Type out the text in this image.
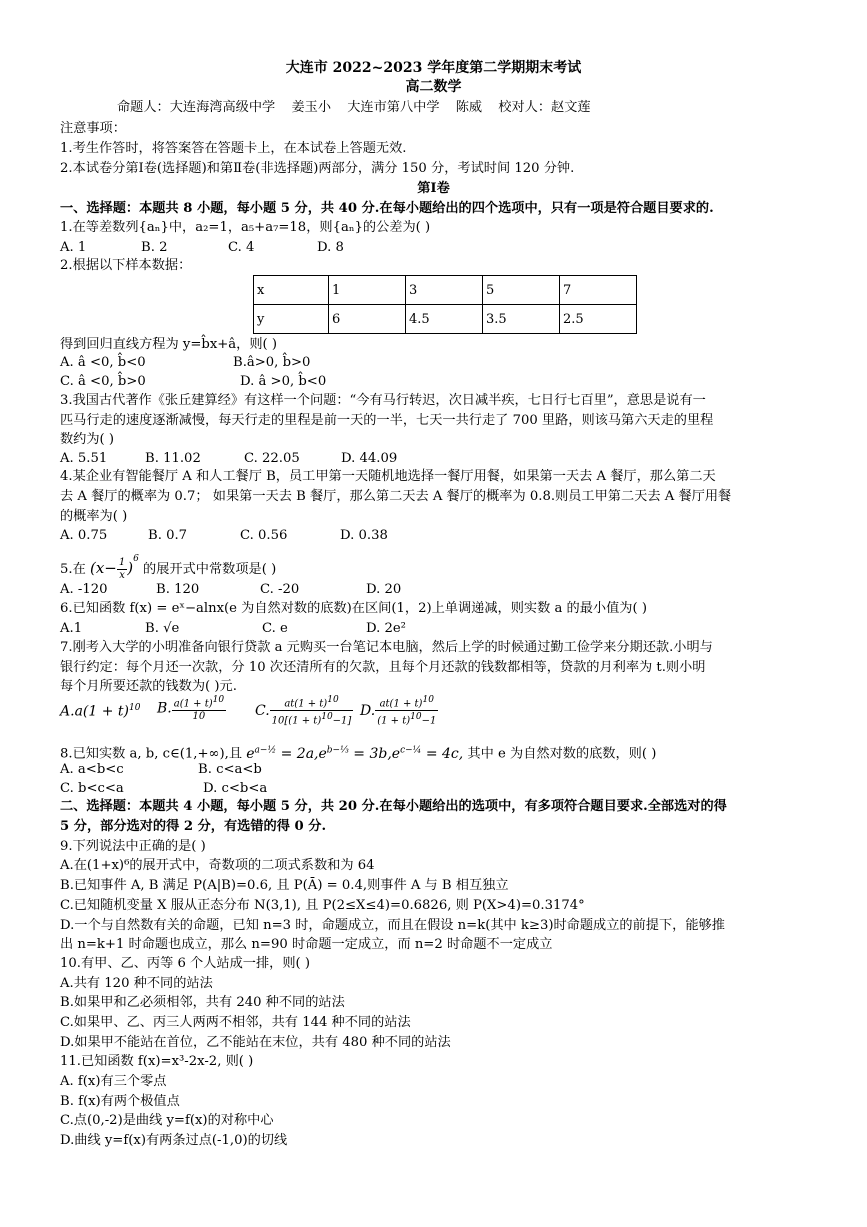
大连市 2022~2023 学年度第二学期期末考试
高二数学
命题人：大连海湾高级中学 姜玉小 大连市第八中学 陈威 校对人：赵文莲
注意事项：
1.考生作答时，将答案答在答题卡上，在本试卷上答题无效.
2.本试卷分第Ⅰ卷(选择题)和第Ⅱ卷(非选择题)两部分，满分 150 分，考试时间 120 分钟.
第Ⅰ卷
一、选择题：本题共 8 小题，每小题 5 分，共 40 分.在每小题给出的四个选项中，只有一项是符合题目要求的.
1.在等差数列{aₙ}中，a₂=1，a₅+a₇=18，则{aₙ}的公差为( )
A. 1	B. 2	C. 4	D. 8
2.根据以下样本数据：
x	1	3	5	7
y	6	4.5	3.5	2.5
得到回归直线方程为 y=b̂x+â，则( )
A. â <0, b̂<0	B.â>0, b̂>0
C. â <0, b̂>0	D. â >0, b̂<0
3.我国古代著作《张丘建算经》有这样一个问题：“今有马行转迟，次日减半疾，七日行七百里”，意思是说有一
匹马行走的速度逐渐减慢，每天行走的里程是前一天的一半，七天一共行走了 700 里路，则该马第六天走的里程
数约为( )
A. 5.51	B. 11.02	C. 22.05	D. 44.09
4.某企业有智能餐厅 A 和人工餐厅 B，员工甲第一天随机地选择一餐厅用餐，如果第一天去 A 餐厅，那么第二天
去 A 餐厅的概率为 0.7； 如果第一天去 B 餐厅，那么第二天去 A 餐厅的概率为 0.8.则员工甲第二天去 A 餐厅用餐
的概率为( )
A. 0.75	B. 0.7	C. 0.56	D. 0.38
5.在 $(x- \frac{1}{x} )^6$ 的展开式中常数项是( )
A. -120	B. 120	C. -20	D. 20
6.已知函数 f(x) = eˣ−alnx(e 为自然对数的底数)在区间(1，2)上单调递减，则实数 a 的最小值为( )
A.1	B. √e	C. e	D. 2e²
7.刚考入大学的小明准备向银行贷款 a 元购买一台笔记本电脑，然后上学的时候通过勤工俭学来分期还款.小明与
银行约定：每个月还一次款，分 10 次还清所有的欠款，且每个月还款的钱数都相等，贷款的月利率为 t.则小明
每个月所要还款的钱数为( )元.
$A.a(1 + t)^{10}$ B. $\frac{a(1 + t)^{10}}{10} C$. $\frac{at(1 + t)^{10}}{10[(1 + t)^{10}-1]} D$. $\frac{at(1 + t)^{10}}{(1 + t)^{10}-1}$
8.已知实数 a, b, c∈(1,+∞),且 $e^{a-\frac{1}{2}} = 2a,e^{b-\frac{1}{3}} = 3b,e^{c-\frac{1}{4}} = 4c$, 其中 e 为自然对数的底数，则( )
A. a<b<c	B. c<a<b
C. b<c<a	D. c<b<a
二、选择题：本题共 4 小题，每小题 5 分，共 20 分.在每小题给出的选项中，有多项符合题目要求.全部选对的得
5 分，部分选对的得 2 分，有选错的得 0 分.
9.下列说法中正确的是( )
A.在(1+x)⁶的展开式中，奇数项的二项式系数和为 64
B.已知事件 A, B 满足 P(A|B)=0.6, 且 P(Ā) = 0.4,则事件 A 与 B 相互独立
C.已知随机变量 X 服从正态分布 N(3,1), 且 P(2≤X≤4)=0.6826, 则 P(X>4)=0.3174°
D.一个与自然数有关的命题，已知 n=3 时，命题成立，而且在假设 n=k(其中 k≥3)时命题成立的前提下，能够推
出 n=k+1 时命题也成立，那么 n=90 时命题一定成立，而 n=2 时命题不一定成立
10.有甲、乙、丙等 6 个人站成一排，则( )
A.共有 120 种不同的站法
B.如果甲和乙必须相邻，共有 240 种不同的站法
C.如果甲、乙、丙三人两两不相邻，共有 144 种不同的站法
D.如果甲不能站在首位，乙不能站在末位，共有 480 种不同的站法
11.已知函数 f(x)=x³-2x-2, 则( )
A. f(x)有三个零点
B. f(x)有两个极值点
C.点(0,-2)是曲线 y=f(x)的对称中心
D.曲线 y=f(x)有两条过点(-1,0)的切线
